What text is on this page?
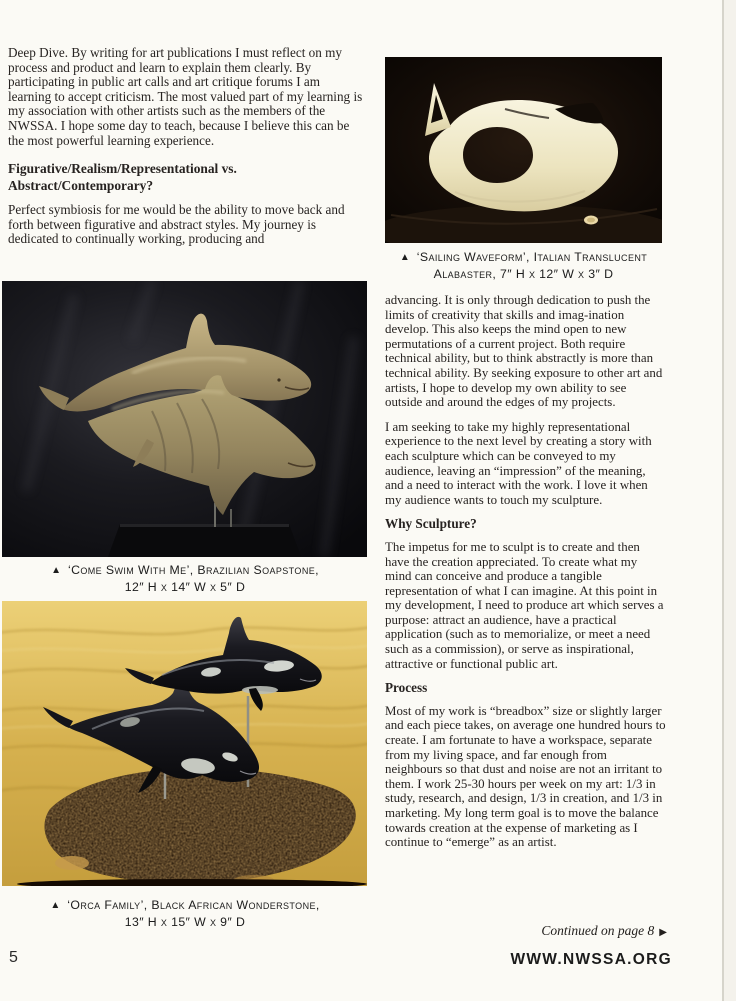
Deep Dive. By writing for art publications I must reflect on my process and product and learn to explain them clearly. By participating in public art calls and art critique forums I am learning to accept criticism. The most valued part of my learning is my association with other artists such as the members of the NWSSA. I hope some day to teach, because I believe this can be the most powerful learning experience.

Figurative/Realism/Representational vs. Abstract/Contemporary?

Perfect symbiosis for me would be the ability to move back and forth between figurative and abstract styles. My journey is dedicated to continually working, producing and

▲ ‘Come Swim With Me’, Brazilian Soapstone,
12″ H x 14″ W x 5″ D
▲ ‘Orca Family’, Black African Wonderstone,
13″ H x 15″ W x 9″ D
▲ ‘Sailing Waveform’, Italian Translucent
Alabaster, 7″ H x 12″ W x 3″ D

advancing. It is only through dedication to push the limits of creativity that skills and imag-ination develop. This also keeps the mind open to new permutations of a current project. Both require technical ability, but to think abstractly is more than technical ability. By seeking exposure to other art and artists, I hope to develop my own ability to see outside and around the edges of my projects.

I am seeking to take my highly representational experience to the next level by creating a story with each sculpture which can be conveyed to my audience, leaving an “impression” of the meaning, and a need to interact with the work. I love it when my audience wants to touch my sculpture.

Why Sculpture?

The impetus for me to sculpt is to create and then have the creation appreciated. To create what my mind can conceive and produce a tangible representation of what I can imagine. At this point in my development, I need to produce art which serves a purpose: attract an audience, have a practical application (such as to memorialize, or meet a need such as a commission), or serve as inspirational, attractive or functional public art.

Process

Most of my work is “breadbox” size or slightly larger and each piece takes, on average one hundred hours to create. I am fortunate to have a workspace, separate from my living space, and far enough from neighbours so that dust and noise are not an irritant to them. I work 25-30 hours per week on my art: 1/3 in study, research, and design, 1/3 in creation, and 1/3 in marketing. My long term goal is to move the balance towards creation at the expense of marketing as I continue to “emerge” as an artist.

Continued on page 8 ▶
5	WWW.NWSSA.ORG
